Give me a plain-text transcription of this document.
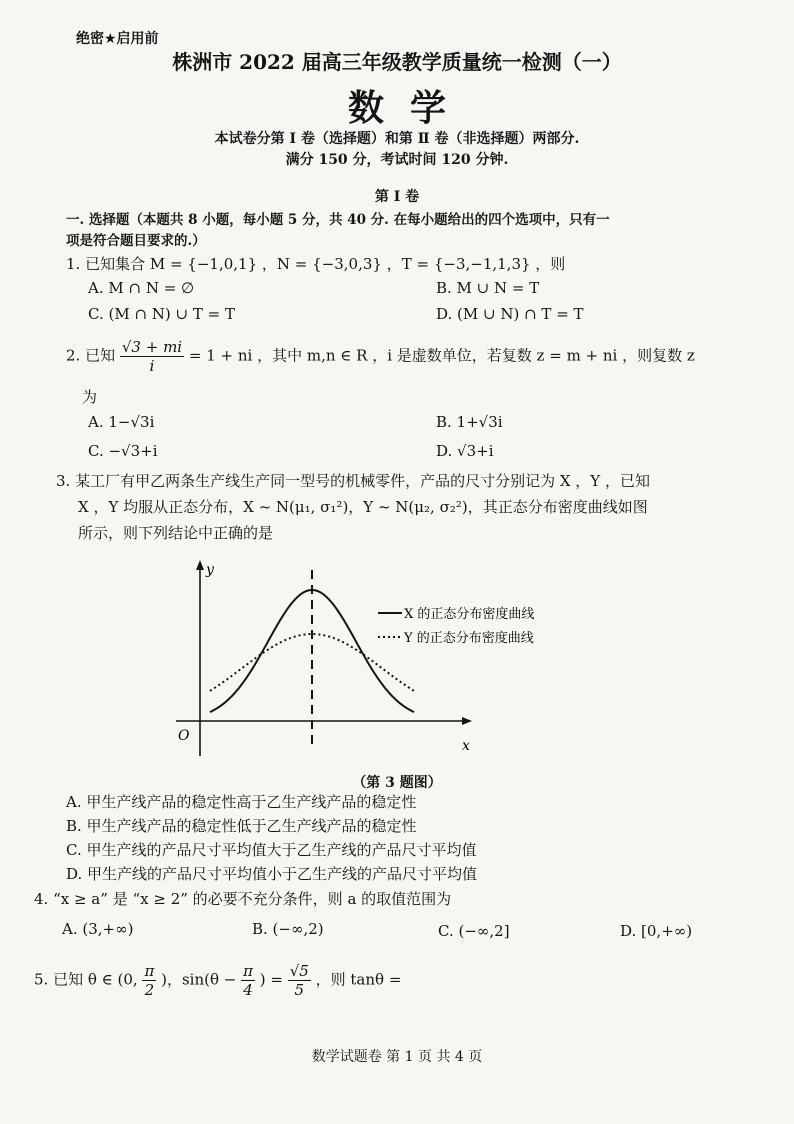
绝密★启用前
株洲市 2022 届高三年级教学质量统一检测（一）
数学
本试卷分第 Ⅰ 卷（选择题）和第 Ⅱ 卷（非选择题）两部分.
满分 150 分，考试时间 120 分钟.
第 Ⅰ 卷
一. 选择题（本题共 8 小题，每小题 5 分，共 40 分. 在每小题给出的四个选项中，只有一
项是符合题目要求的.）
1. 已知集合 M = {−1,0,1} ，N = {−3,0,3} ，T = {−3,−1,1,3} ，则
A. M ∩ N = ∅	B. M ∪ N = T
C. (M ∩ N) ∪ T = T	D. (M ∪ N) ∩ T = T
2. 已知 $\frac{√3 + mi}{i} = 1$ + ni ，其中 m,n ∈ R ，i 是虚数单位，若复数 z = m + ni ，则复数 z
为
A. 1−√3i	B. 1+√3i
C. −√3+i	D. √3+i
3. 某工厂有甲乙两条生产线生产同一型号的机械零件，产品的尺寸分别记为 X ，Y ，已知
X ，Y 均服从正态分布，X ~ N(μ₁, σ₁²)，Y ~ N(μ₂, σ₂²)，其正态分布密度曲线如图
所示，则下列结论中正确的是
y
x
O
X 的正态分布密度曲线
Y 的正态分布密度曲线
（第 3 题图）
A. 甲生产线产品的稳定性高于乙生产线产品的稳定性
B. 甲生产线产品的稳定性低于乙生产线产品的稳定性
C. 甲生产线的产品尺寸平均值大于乙生产线的产品尺寸平均值
D. 甲生产线的产品尺寸平均值小于乙生产线的产品尺寸平均值
4. “x ≥ a” 是 “x ≥ 2” 的必要不充分条件，则 a 的取值范围为
A. (3,+∞)	B. (−∞,2)	C. (−∞,2]	D. [0,+∞)
5. 已知 θ ∈ (0, $\frac{\pi}{2}$ )，$\sin(\theta - \frac{\pi}{4}$ ) = $\frac{√5}{5}$ ，则 tanθ =
数学试题卷 第 1 页 共 4 页
